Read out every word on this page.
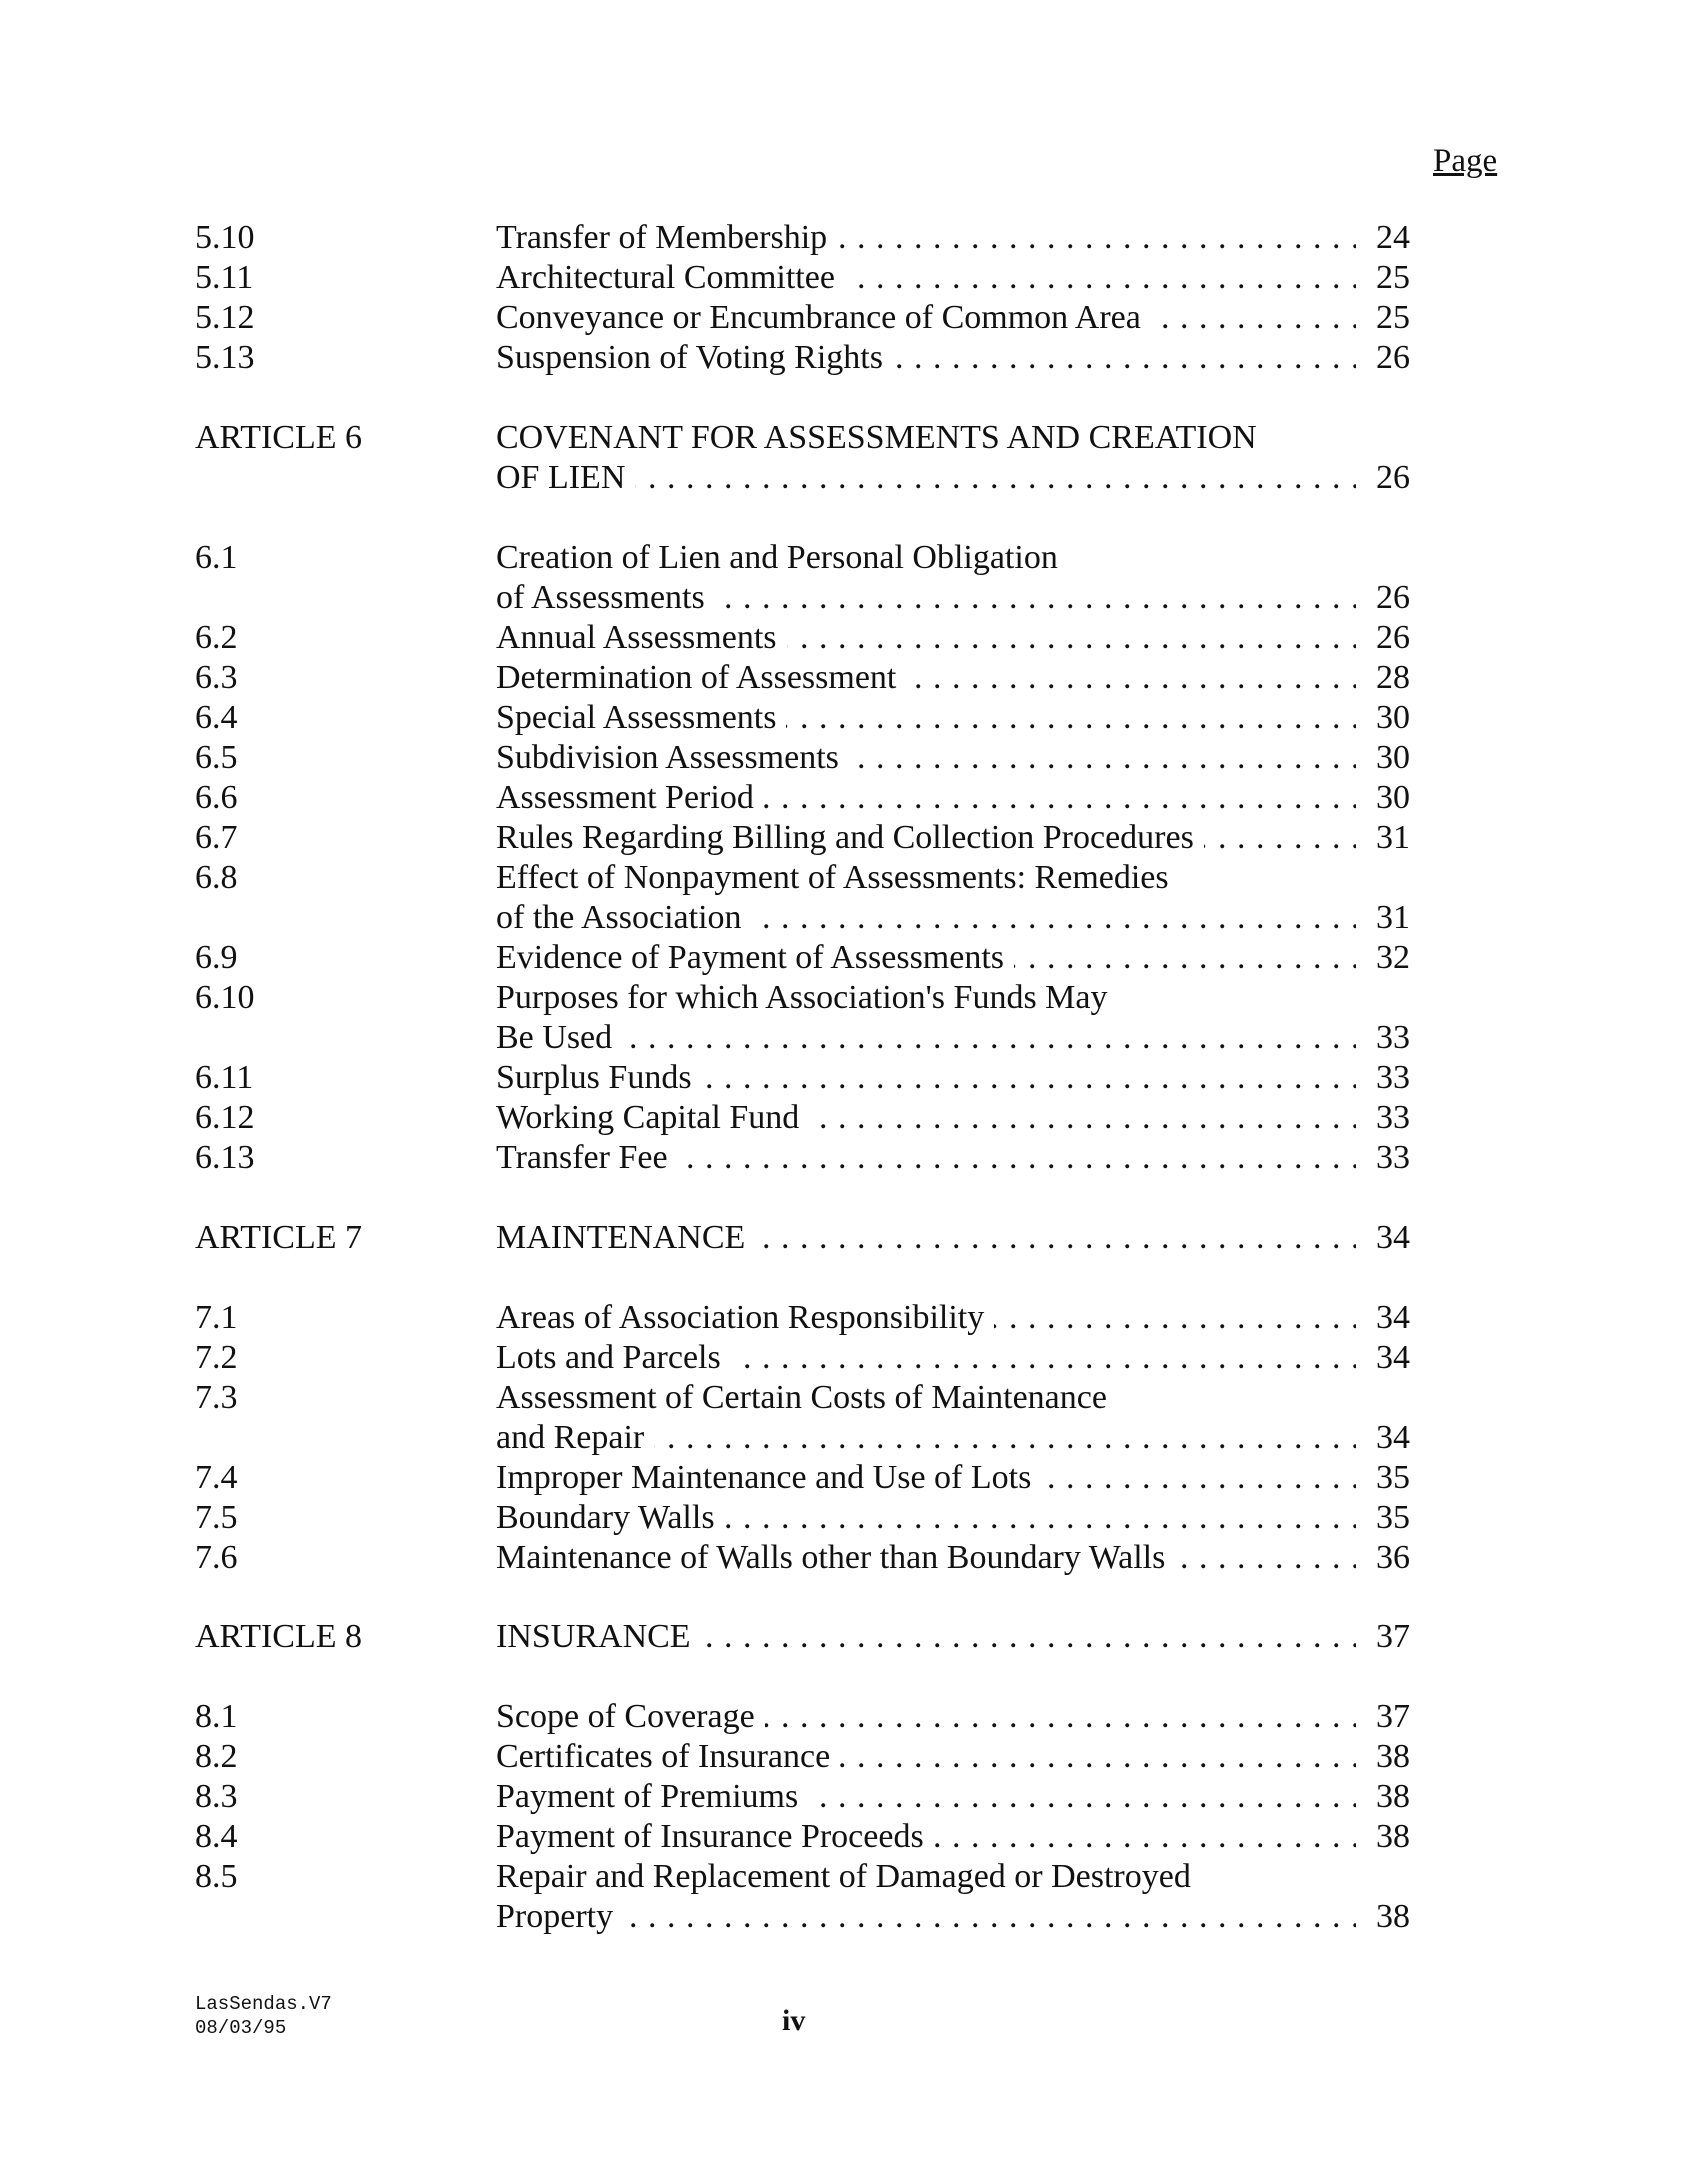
Page
5.10	Transfer of Membership . . .	24
5.11	Architectural Committee . . .	25
5.12	Conveyance or Encumbrance of Common Area . . .	25
5.13	Suspension of Voting Rights . . .	26
ARTICLE 6	COVENANT FOR ASSESSMENTS AND CREATION
OF LIEN . . .	26
6.1	Creation of Lien and Personal Obligation
of Assessments . . .	26
6.2	Annual Assessments . . .	26
6.3	Determination of Assessment . . .	28
6.4	Special Assessments . . .	30
6.5	Subdivision Assessments . . .	30
6.6	Assessment Period . . .	30
6.7	Rules Regarding Billing and Collection Procedures . . .	31
6.8	Effect of Nonpayment of Assessments: Remedies
of the Association . . .	31
6.9	Evidence of Payment of Assessments . . .	32
6.10	Purposes for which Association's Funds May
Be Used . . .	33
6.11	Surplus Funds . . .	33
6.12	Working Capital Fund . . .	33
6.13	Transfer Fee . . .	33
ARTICLE 7	MAINTENANCE . . .	34
7.1	Areas of Association Responsibility . . .	34
7.2	Lots and Parcels . . .	34
7.3	Assessment of Certain Costs of Maintenance
and Repair . . .	34
7.4	Improper Maintenance and Use of Lots . . .	35
7.5	Boundary Walls . . .	35
7.6	Maintenance of Walls other than Boundary Walls . . .	36
ARTICLE 8	INSURANCE . . .	37
8.1	Scope of Coverage . . .	37
8.2	Certificates of Insurance . . .	38
8.3	Payment of Premiums . . .	38
8.4	Payment of Insurance Proceeds . . .	38
8.5	Repair and Replacement of Damaged or Destroyed
Property . . .	38
LasSendas.V7
08/03/95	iv
